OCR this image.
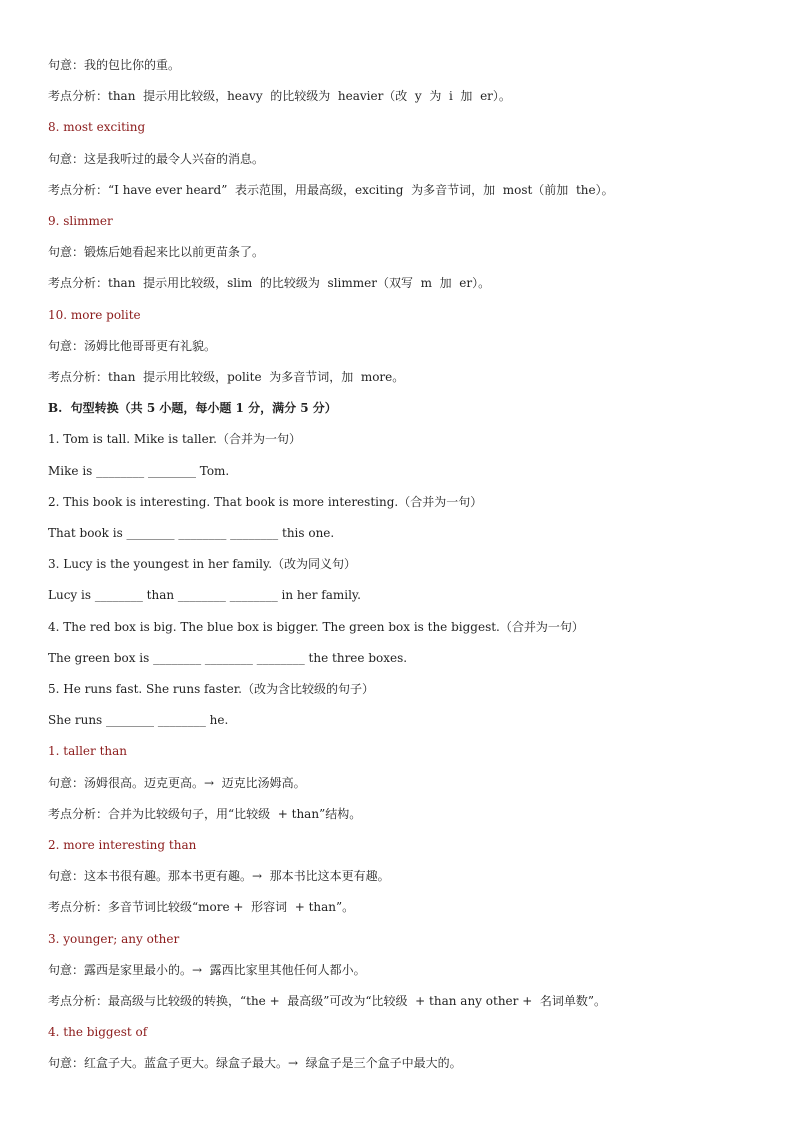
句意：我的包比你的重。
考点分析：than  提示用比较级，heavy  的比较级为  heavier（改  y  为  i  加  er）。
8. most exciting
句意：这是我听过的最令人兴奋的消息。
考点分析：“I have ever heard”  表示范围，用最高级，exciting  为多音节词，加  most（前加  the）。
9. slimmer
句意：锻炼后她看起来比以前更苗条了。
考点分析：than  提示用比较级，slim  的比较级为  slimmer（双写  m  加  er）。
10. more polite
句意：汤姆比他哥哥更有礼貌。
考点分析：than  提示用比较级，polite  为多音节词，加  more。
B.  句型转换（共 5 小题，每小题 1 分，满分 5 分）
1. Tom is tall. Mike is taller.（合并为一句）
Mike is ________ ________ Tom.
2. This book is interesting. That book is more interesting.（合并为一句）
That book is ________ ________ ________ this one.
3. Lucy is the youngest in her family.（改为同义句）
Lucy is ________ than ________ ________ in her family.
4. The red box is big. The blue box is bigger. The green box is the biggest.（合并为一句）
The green box is ________ ________ ________ the three boxes.
5. He runs fast. She runs faster.（改为含比较级的句子）
She runs ________ ________ he.
1. taller than
句意：汤姆很高。迈克更高。→  迈克比汤姆高。
考点分析：合并为比较级句子，用“比较级  + than”结构。
2. more interesting than
句意：这本书很有趣。那本书更有趣。→  那本书比这本更有趣。
考点分析：多音节词比较级“more +  形容词  + than”。
3. younger; any other
句意：露西是家里最小的。→  露西比家里其他任何人都小。
考点分析：最高级与比较级的转换，“the +  最高级”可改为“比较级  + than any other +  名词单数”。
4. the biggest of
句意：红盒子大。蓝盒子更大。绿盒子最大。→  绿盒子是三个盒子中最大的。
